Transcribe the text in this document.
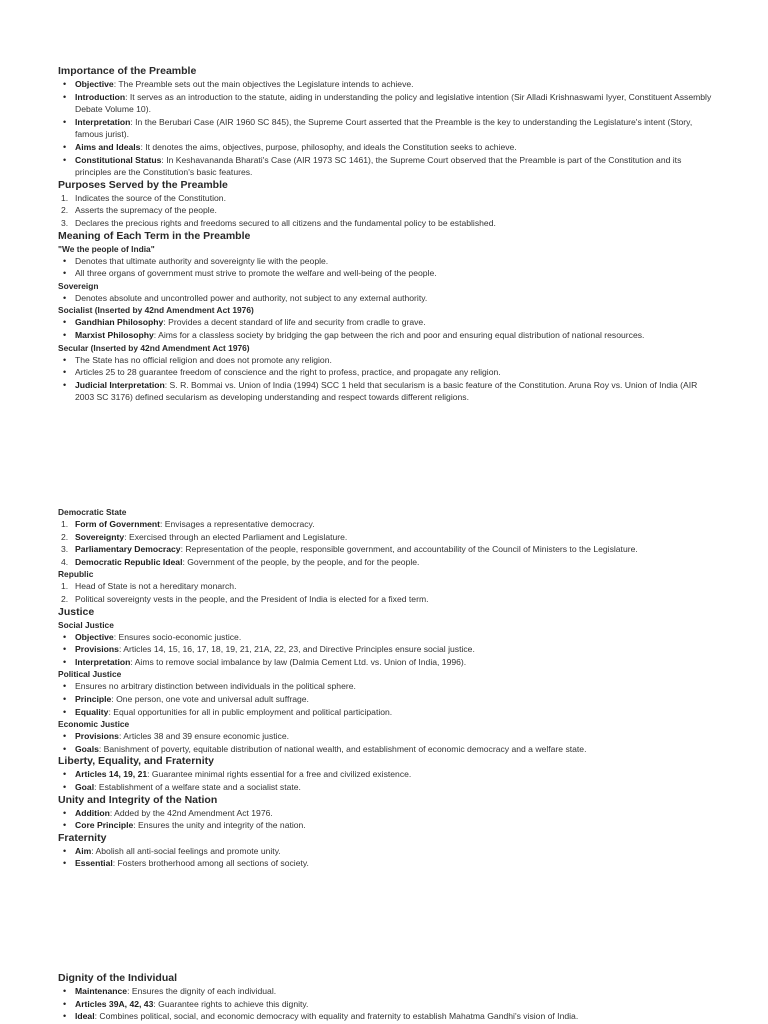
Importance of the Preamble
• Objective: The Preamble sets out the main objectives the Legislature intends to achieve.
• Introduction: It serves as an introduction to the statute, aiding in understanding the policy and legislative intention (Sir Alladi Krishnaswami Iyyer, Constituent Assembly Debate Volume 10).
• Interpretation: In the Berubari Case (AIR 1960 SC 845), the Supreme Court asserted that the Preamble is the key to understanding the Legislature's intent (Story, famous jurist).
• Aims and Ideals: It denotes the aims, objectives, purpose, philosophy, and ideals the Constitution seeks to achieve.
• Constitutional Status: In Keshavananda Bharati's Case (AIR 1973 SC 1461), the Supreme Court observed that the Preamble is part of the Constitution and its principles are the Constitution's basic features.
Purposes Served by the Preamble
Indicates the source of the Constitution.
Asserts the supremacy of the people.
Declares the precious rights and freedoms secured to all citizens and the fundamental policy to be established.
Meaning of Each Term in the Preamble
"We the people of India"
• Denotes that ultimate authority and sovereignty lie with the people.
• All three organs of government must strive to promote the welfare and well-being of the people.
Sovereign
• Denotes absolute and uncontrolled power and authority, not subject to any external authority.
Socialist (Inserted by 42nd Amendment Act 1976)
• Gandhian Philosophy: Provides a decent standard of life and security from cradle to grave.
• Marxist Philosophy: Aims for a classless society by bridging the gap between the rich and poor and ensuring equal distribution of national resources.
Secular (Inserted by 42nd Amendment Act 1976)
• The State has no official religion and does not promote any religion.
• Articles 25 to 28 guarantee freedom of conscience and the right to profess, practice, and propagate any religion.
• Judicial Interpretation: S. R. Bommai vs. Union of India (1994) SCC 1 held that secularism is a basic feature of the Constitution. Aruna Roy vs. Union of India (AIR 2003 SC 3176) defined secularism as developing understanding and respect towards different religions.
Democratic State
Form of Government: Envisages a representative democracy.
Sovereignty: Exercised through an elected Parliament and Legislature.
Parliamentary Democracy: Representation of the people, responsible government, and accountability of the Council of Ministers to the Legislature.
Democratic Republic Ideal: Government of the people, by the people, and for the people.
Republic
Head of State is not a hereditary monarch.
Political sovereignty vests in the people, and the President of India is elected for a fixed term.
Justice
Social Justice
• Objective: Ensures socio-economic justice.
• Provisions: Articles 14, 15, 16, 17, 18, 19, 21, 21A, 22, 23, and Directive Principles ensure social justice.
• Interpretation: Aims to remove social imbalance by law (Dalmia Cement Ltd. vs. Union of India, 1996).
Political Justice
• Ensures no arbitrary distinction between individuals in the political sphere.
• Principle: One person, one vote and universal adult suffrage.
• Equality: Equal opportunities for all in public employment and political participation.
Economic Justice
• Provisions: Articles 38 and 39 ensure economic justice.
• Goals: Banishment of poverty, equitable distribution of national wealth, and establishment of economic democracy and a welfare state.
Liberty, Equality, and Fraternity
• Articles 14, 19, 21: Guarantee minimal rights essential for a free and civilized existence.
• Goal: Establishment of a welfare state and a socialist state.
Unity and Integrity of the Nation
• Addition: Added by the 42nd Amendment Act 1976.
• Core Principle: Ensures the unity and integrity of the nation.
Fraternity
• Aim: Abolish all anti-social feelings and promote unity.
• Essential: Fosters brotherhood among all sections of society.
Dignity of the Individual
• Maintenance: Ensures the dignity of each individual.
• Articles 39A, 42, 43: Guarantee rights to achieve this dignity.
• Ideal: Combines political, social, and economic democracy with equality and fraternity to establish Mahatma Gandhi's vision of India.
